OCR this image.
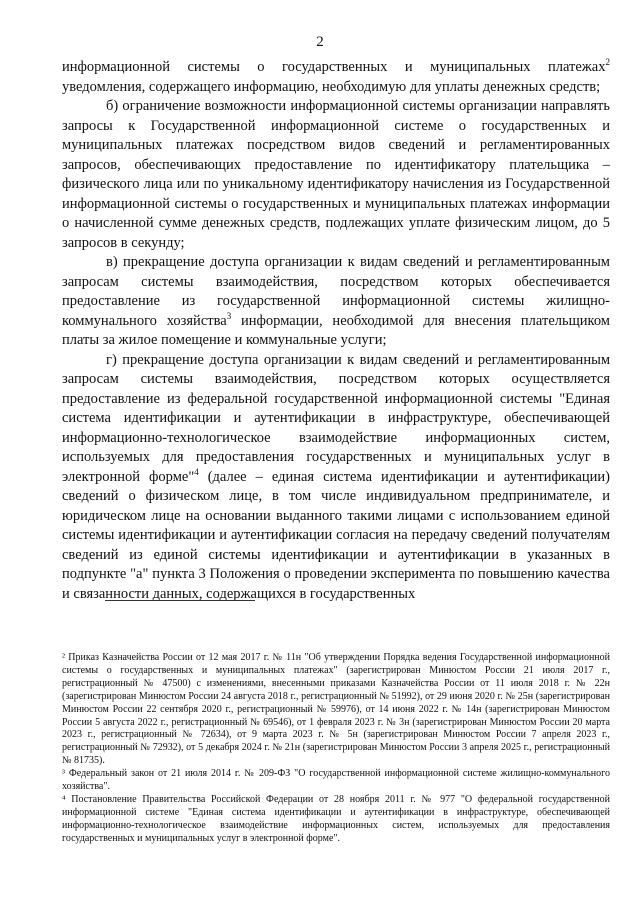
2

информационной системы о государственных и муниципальных платежах$^2$ уведомления, содержащего информацию, необходимую для уплаты денежных средств;

б) ограничение возможности информационной системы организации направлять запросы к Государственной информационной системе о государственных и муниципальных платежах посредством видов сведений и регламентированных запросов, обеспечивающих предоставление по идентификатору плательщика – физического лица или по уникальному идентификатору начисления из Государственной информационной системы о государственных и муниципальных платежах информации о начисленной сумме денежных средств, подлежащих уплате физическим лицом, до 5 запросов в секунду;

в) прекращение доступа организации к видам сведений и регламентированным запросам системы взаимодействия, посредством которых обеспечивается предоставление из государственной информационной системы жилищно-коммунального хозяйства$^3$ информации, необходимой для внесения плательщиком платы за жилое помещение и коммунальные услуги;

г) прекращение доступа организации к видам сведений и регламентированным запросам системы взаимодействия, посредством которых осуществляется предоставление из федеральной государственной информационной системы "Единая система идентификации и аутентификации в инфраструктуре, обеспечивающей информационно-технологическое взаимодействие информационных систем, используемых для предоставления государственных и муниципальных услуг в электронной форме"$^4$ (далее – единая система идентификации и аутентификации) сведений о физическом лице, в том числе индивидуальном предпринимателе, и юридическом лице на основании выданного такими лицами с использованием единой системы идентификации и аутентификации согласия на передачу сведений получателям сведений из единой системы идентификации и аутентификации в указанных в подпункте "а" пункта 3 Положения о проведении эксперимента по повышению качества и связанности данных, содержащихся в государственных

² Приказ Казначейства России от 12 мая 2017 г. № 11н "Об утверждении Порядка ведения Государственной информационной системы о государственных и муниципальных платежах" (зарегистрирован Минюстом России 21 июля 2017 г., регистрационный № 47500) с изменениями, внесенными приказами Казначейства России от 11 июля 2018 г. № 22н (зарегистрирован Минюстом России 24 августа 2018 г., регистрационный № 51992), от 29 июня 2020 г. № 25н (зарегистрирован Минюстом России 22 сентября 2020 г., регистрационный № 59976), от 14 июня 2022 г. № 14н (зарегистрирован Минюстом России 5 августа 2022 г., регистрационный № 69546), от 1 февраля 2023 г. № 3н (зарегистрирован Минюстом России 20 марта 2023 г., регистрационный № 72634), от 9 марта 2023 г. № 5н (зарегистрирован Минюстом России 7 апреля 2023 г., регистрационный № 72932), от 5 декабря 2024 г. № 21н (зарегистрирован Минюстом России 3 апреля 2025 г., регистрационный № 81735).

³ Федеральный закон от 21 июля 2014 г. № 209-ФЗ "О государственной информационной системе жилищно-коммунального хозяйства".

⁴ Постановление Правительства Российской Федерации от 28 ноября 2011 г. № 977 "О федеральной государственной информационной системе "Единая система идентификации и аутентификации в инфраструктуре, обеспечивающей информационно-технологическое взаимодействие информационных систем, используемых для предоставления государственных и муниципальных услуг в электронной форме".
